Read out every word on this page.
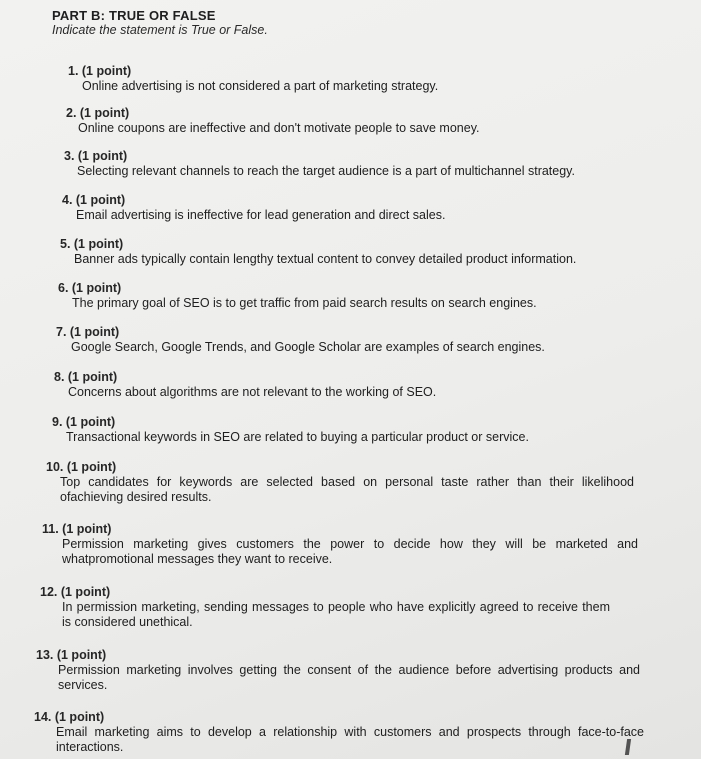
PART B: TRUE OR FALSE
Indicate the statement is True or False.
1. (1 point)
Online advertising is not considered a part of marketing strategy.
2. (1 point)
Online coupons are ineffective and don't motivate people to save money.
3. (1 point)
Selecting relevant channels to reach the target audience is a part of multichannel strategy.
4. (1 point)
Email advertising is ineffective for lead generation and direct sales.
5. (1 point)
Banner ads typically contain lengthy textual content to convey detailed product information.
6. (1 point)
The primary goal of SEO is to get traffic from paid search results on search engines.
7. (1 point)
Google Search, Google Trends, and Google Scholar are examples of search engines.
8. (1 point)
Concerns about algorithms are not relevant to the working of SEO.
9. (1 point)
Transactional keywords in SEO are related to buying a particular product or service.
10. (1 point)
Top candidates for keywords are selected based on personal taste rather than their likelihood ofachieving desired results.
11. (1 point)
Permission marketing gives customers the power to decide how they will be marketed and whatpromotional messages they want to receive.
12. (1 point)
In permission marketing, sending messages to people who have explicitly agreed to receive them is considered unethical.
13. (1 point)
Permission marketing involves getting the consent of the audience before advertising products and services.
14. (1 point)
Email marketing aims to develop a relationship with customers and prospects through face-to-face interactions.
